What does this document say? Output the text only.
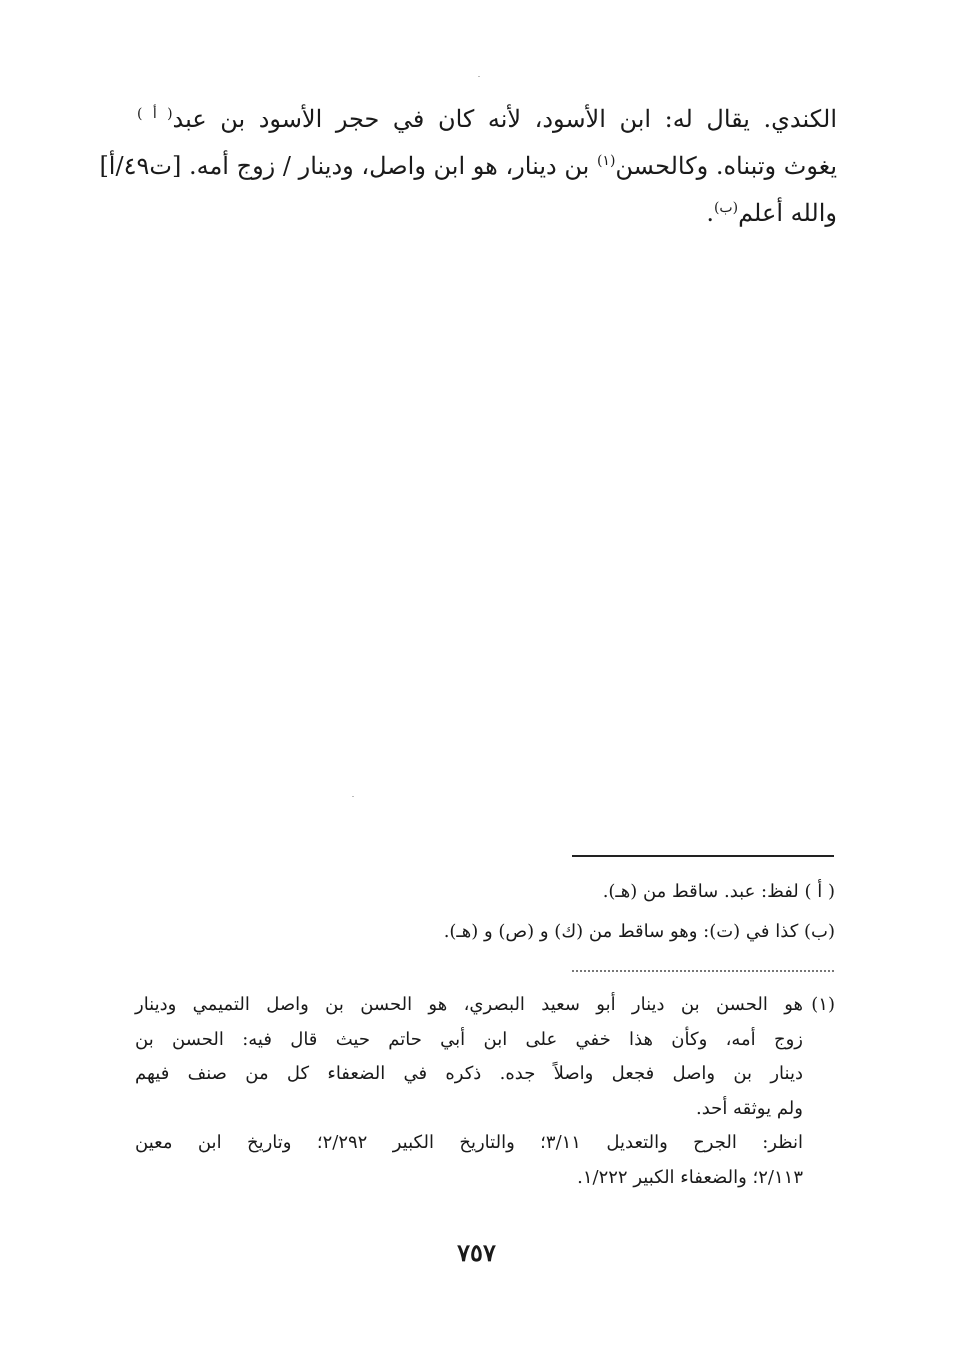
الكندي. يقال له: ابن الأسود، لأنه كان في حجر الأسود بن عبد$^{( أ )}$
يغوث وتبناه. وكالحسن$^{(١)}$ بن دينار، هو ابن واصل، ودينار / زوج أمه. [ت٤٩/أ]
والله أعلم$^{(ب)}$.
( أ ) لفظ: عبد. ساقط من (هـ).
(ب) كذا في (ت): وهو ساقط من (ك) و (ص) و (هـ).
(١)
هو الحسن بن دينار أبو سعيد البصري، هو الحسن بن واصل التميمي ودينار
زوج أمه، وكأن هذا خفي على ابن أبي حاتم حيث قال فيه: الحسن بن
دينار بن واصل فجعل واصلاً جده. ذكره في الضعفاء كل من صنف فيهم
ولم يوثقه أحد.
انظر: الجرح والتعديل ٣/١١؛ والتاريخ الكبير ٢/٢٩٢؛ وتاريخ ابن معين
٢/١١٣؛ والضعفاء الكبير ١/٢٢٢.
٧٥٧
